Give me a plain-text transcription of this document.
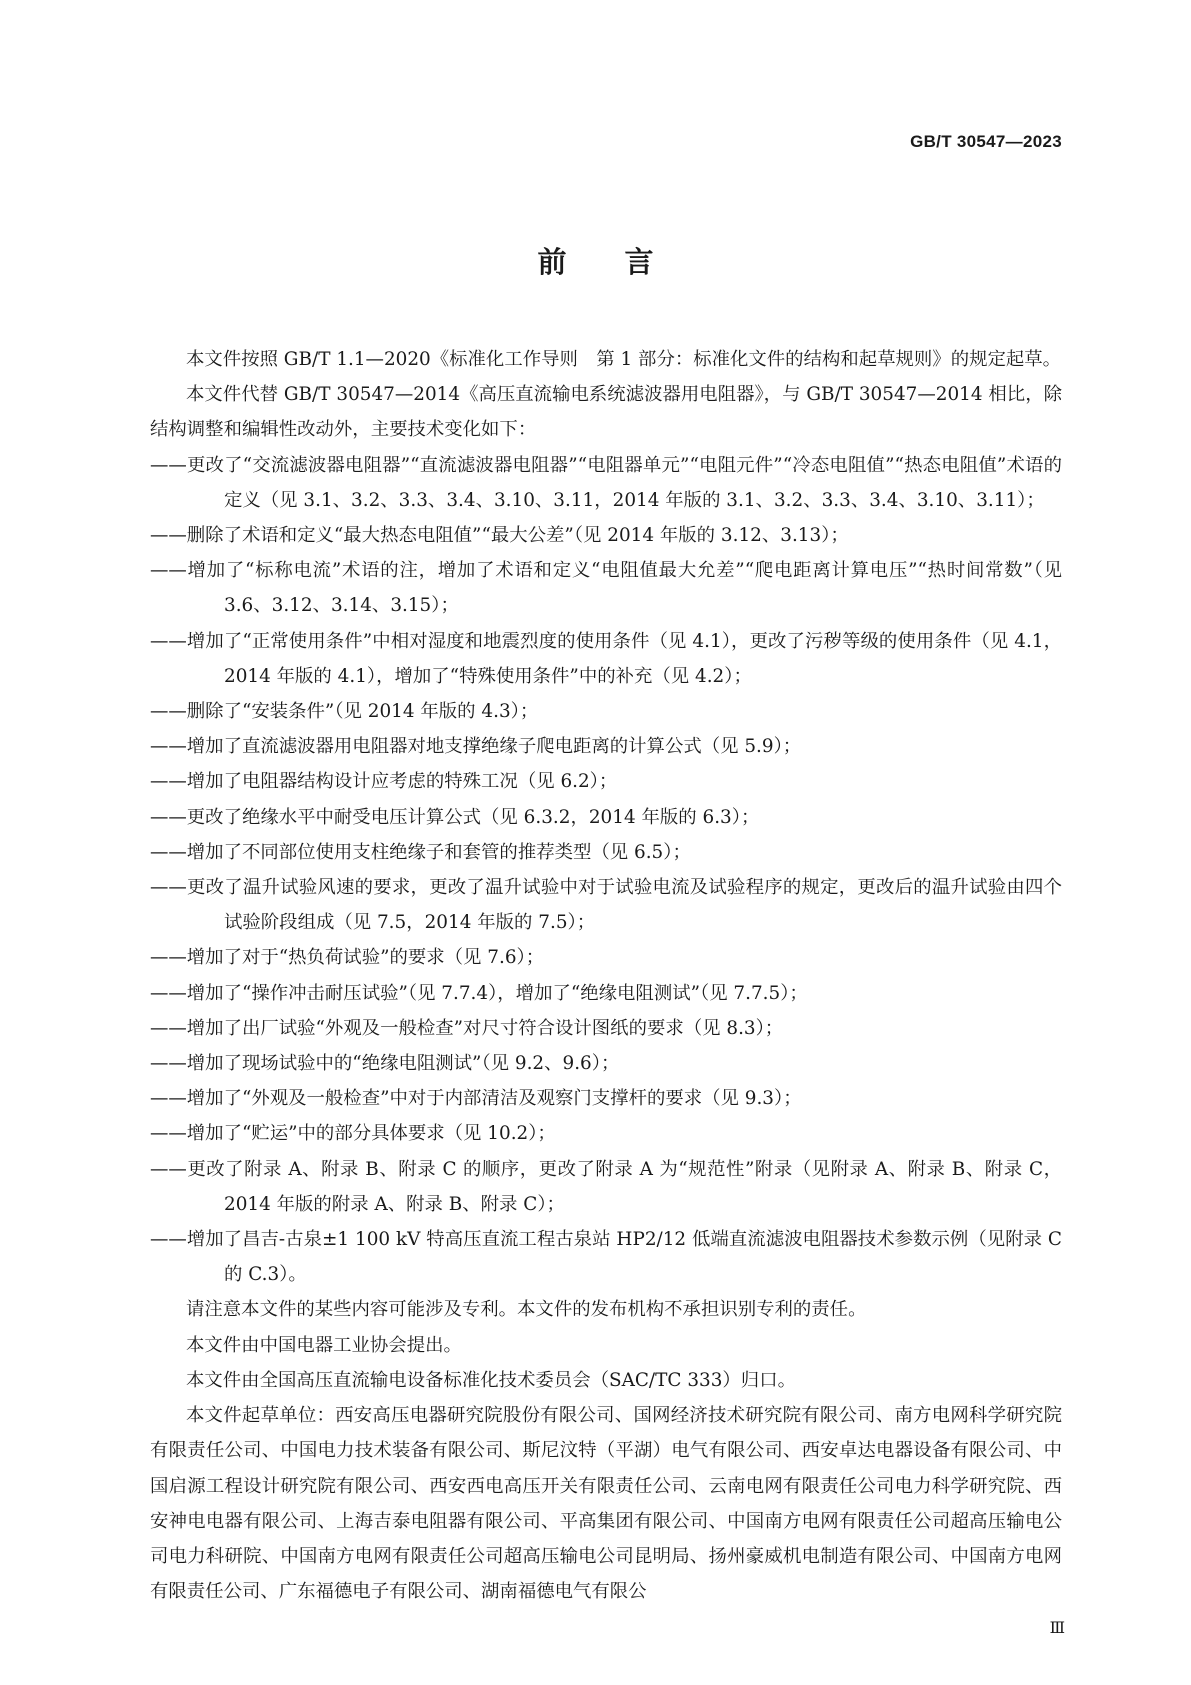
GB/T 30547—2023
前言

本文件按照 GB/T 1.1—2020《标准化工作导则　第 1 部分：标准化文件的结构和起草规则》的规定起草。

本文件代替 GB/T 30547—2014《高压直流输电系统滤波器用电阻器》，与 GB/T 30547—2014 相比，除结构调整和编辑性改动外，主要技术变化如下：

——更改了“交流滤波器电阻器”“直流滤波器电阻器”“电阻器单元”“电阻元件”“冷态电阻值”“热态电阻值”术语的定义（见 3.1、3.2、3.3、3.4、3.10、3.11，2014 年版的 3.1、3.2、3.3、3.4、3.10、3.11）；

——删除了术语和定义“最大热态电阻值”“最大公差”（见 2014 年版的 3.12、3.13）；

——增加了“标称电流”术语的注，增加了术语和定义“电阻值最大允差”“爬电距离计算电压”“热时间常数”（见 3.6、3.12、3.14、3.15）；

——增加了“正常使用条件”中相对湿度和地震烈度的使用条件（见 4.1），更改了污秽等级的使用条件（见 4.1，2014 年版的 4.1），增加了“特殊使用条件”中的补充（见 4.2）；

——删除了“安装条件”（见 2014 年版的 4.3）；

——增加了直流滤波器用电阻器对地支撑绝缘子爬电距离的计算公式（见 5.9）；

——增加了电阻器结构设计应考虑的特殊工况（见 6.2）；

——更改了绝缘水平中耐受电压计算公式（见 6.3.2，2014 年版的 6.3）；

——增加了不同部位使用支柱绝缘子和套管的推荐类型（见 6.5）；

——更改了温升试验风速的要求，更改了温升试验中对于试验电流及试验程序的规定，更改后的温升试验由四个试验阶段组成（见 7.5，2014 年版的 7.5）；

——增加了对于“热负荷试验”的要求（见 7.6）；

——增加了“操作冲击耐压试验”（见 7.7.4），增加了“绝缘电阻测试”（见 7.7.5）；

——增加了出厂试验“外观及一般检查”对尺寸符合设计图纸的要求（见 8.3）；

——增加了现场试验中的“绝缘电阻测试”（见 9.2、9.6）；

——增加了“外观及一般检查”中对于内部清洁及观察门支撑杆的要求（见 9.3）；

——增加了“贮运”中的部分具体要求（见 10.2）；

——更改了附录 A、附录 B、附录 C 的顺序，更改了附录 A 为“规范性”附录（见附录 A、附录 B、附录 C，2014 年版的附录 A、附录 B、附录 C）；

——增加了昌吉-古泉±1 100 kV 特高压直流工程古泉站 HP2/12 低端直流滤波电阻器技术参数示例（见附录 C 的 C.3）。

请注意本文件的某些内容可能涉及专利。本文件的发布机构不承担识别专利的责任。

本文件由中国电器工业协会提出。

本文件由全国高压直流输电设备标准化技术委员会（SAC/TC 333）归口。

本文件起草单位：西安高压电器研究院股份有限公司、国网经济技术研究院有限公司、南方电网科学研究院有限责任公司、中国电力技术装备有限公司、斯尼汶特（平湖）电气有限公司、西安卓达电器设备有限公司、中国启源工程设计研究院有限公司、西安西电高压开关有限责任公司、云南电网有限责任公司电力科学研究院、西安神电电器有限公司、上海吉泰电阻器有限公司、平高集团有限公司、中国南方电网有限责任公司超高压输电公司电力科研院、中国南方电网有限责任公司超高压输电公司昆明局、扬州豪威机电制造有限公司、中国南方电网有限责任公司、广东福德电子有限公司、湖南福德电气有限公

Ⅲ
